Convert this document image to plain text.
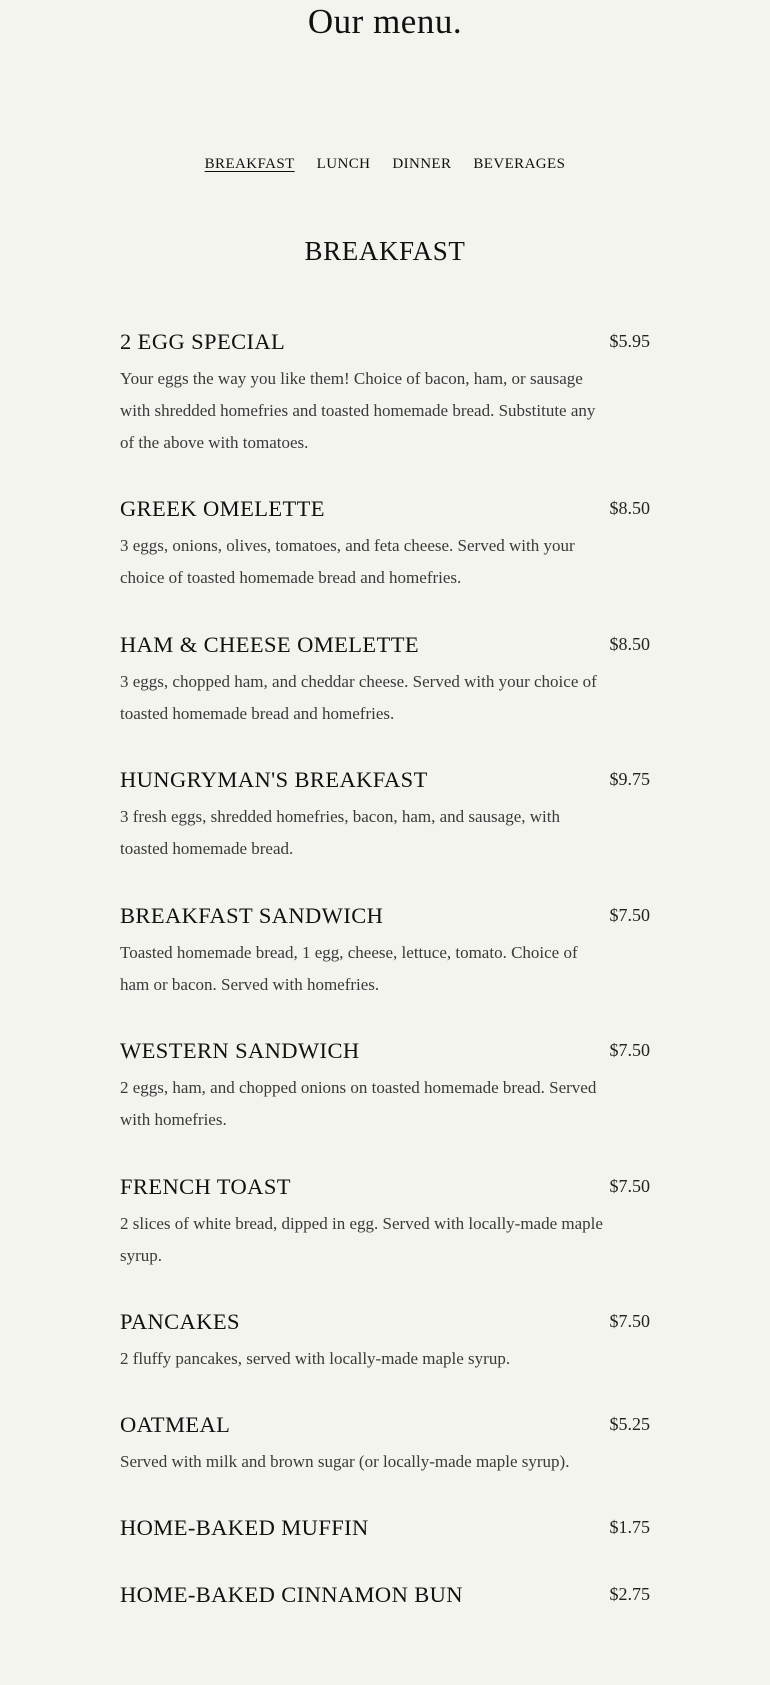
Our menu.
BREAKFAST LUNCH DINNER BEVERAGES
BREAKFAST
2 EGG SPECIAL	$5.95

Your eggs the way you like them! Choice of bacon, ham, or sausage with shredded homefries and toasted homemade bread. Substitute any of the above with tomatoes.

GREEK OMELETTE	$8.50

3 eggs, onions, olives, tomatoes, and feta cheese. Served with your choice of toasted homemade bread and homefries.

HAM & CHEESE OMELETTE	$8.50

3 eggs, chopped ham, and cheddar cheese. Served with your choice of toasted homemade bread and homefries.

HUNGRYMAN'S BREAKFAST	$9.75

3 fresh eggs, shredded homefries, bacon, ham, and sausage, with toasted homemade bread.

BREAKFAST SANDWICH	$7.50

Toasted homemade bread, 1 egg, cheese, lettuce, tomato. Choice of ham or bacon. Served with homefries.

WESTERN SANDWICH	$7.50

2 eggs, ham, and chopped onions on toasted homemade bread. Served with homefries.

FRENCH TOAST	$7.50

2 slices of white bread, dipped in egg. Served with locally-made maple syrup.

PANCAKES	$7.50

2 fluffy pancakes, served with locally-made maple syrup.

OATMEAL	$5.25

Served with milk and brown sugar (or locally-made maple syrup).

HOME-BAKED MUFFIN	$1.75
HOME-BAKED CINNAMON BUN	$2.75
